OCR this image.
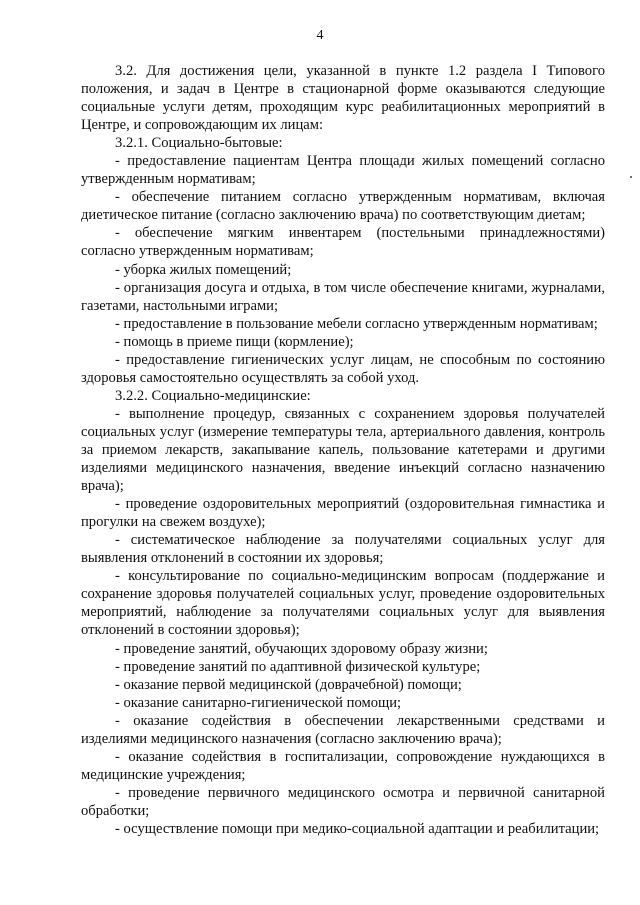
4

3.2. Для достижения цели, указанной в пункте 1.2 раздела I Типового положения, и задач в Центре в стационарной форме оказываются следующие социальные услуги детям, проходящим курс реабилитационных мероприятий в Центре, и сопровождающим их лицам:

3.2.1. Социально-бытовые:

- предоставление пациентам Центра площади жилых помещений согласно утвержденным нормативам;

- обеспечение питанием согласно утвержденным нормативам, включая диетическое питание (согласно заключению врача) по соответствующим диетам;

- обеспечение мягким инвентарем (постельными принадлежностями) согласно утвержденным нормативам;

- уборка жилых помещений;

- организация досуга и отдыха, в том числе обеспечение книгами, журналами, газетами, настольными играми;

- предоставление в пользование мебели согласно утвержденным нормативам;

- помощь в приеме пищи (кормление);

- предоставление гигиенических услуг лицам, не способным по состоянию здоровья самостоятельно осуществлять за собой уход.

3.2.2. Социально-медицинские:

- выполнение процедур, связанных с сохранением здоровья получателей социальных услуг (измерение температуры тела, артериального давления, контроль за приемом лекарств, закапывание капель, пользование катетерами и другими изделиями медицинского назначения, введение инъекций согласно назначению врача);

- проведение оздоровительных мероприятий (оздоровительная гимнастика и прогулки на свежем воздухе);

- систематическое наблюдение за получателями социальных услуг для выявления отклонений в состоянии их здоровья;

- консультирование по социально-медицинским вопросам (поддержание и сохранение здоровья получателей социальных услуг, проведение оздоровительных мероприятий, наблюдение за получателями социальных услуг для выявления отклонений в состоянии здоровья);

- проведение занятий, обучающих здоровому образу жизни;

- проведение занятий по адаптивной физической культуре;

- оказание первой медицинской (доврачебной) помощи;

- оказание санитарно-гигиенической помощи;

- оказание содействия в обеспечении лекарственными средствами и изделиями медицинского назначения (согласно заключению врача);

- оказание содействия в госпитализации, сопровождение нуждающихся в медицинские учреждения;

- проведение первичного медицинского осмотра и первичной санитарной обработки;

- осуществление помощи при медико-социальной адаптации и реабилитации;
